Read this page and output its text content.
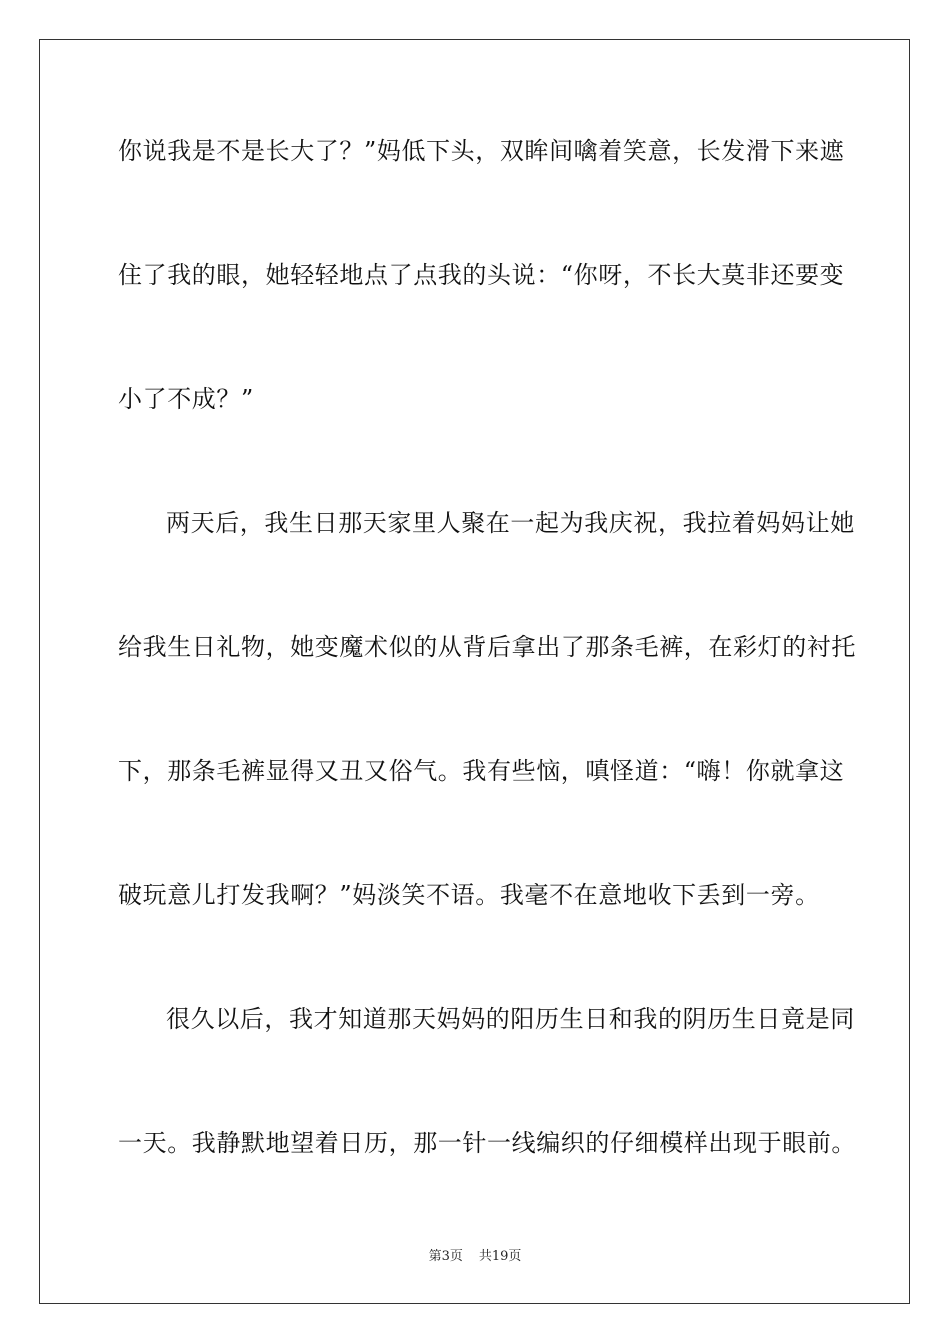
你说我是不是长大了？”妈低下头，双眸间噙着笑意，长发滑下来遮
住了我的眼，她轻轻地点了点我的头说：“你呀，不长大莫非还要变
小了不成？”
两天后，我生日那天家里人聚在一起为我庆祝，我拉着妈妈让她
给我生日礼物，她变魔术似的从背后拿出了那条毛裤，在彩灯的衬托
下，那条毛裤显得又丑又俗气。我有些恼，嗔怪道：“嗨！你就拿这
破玩意儿打发我啊？”妈淡笑不语。我毫不在意地收下丢到一旁。
很久以后，我才知道那天妈妈的阳历生日和我的阴历生日竟是同
一天。我静默地望着日历，那一针一线编织的仔细模样出现于眼前。
第3页 共19页
